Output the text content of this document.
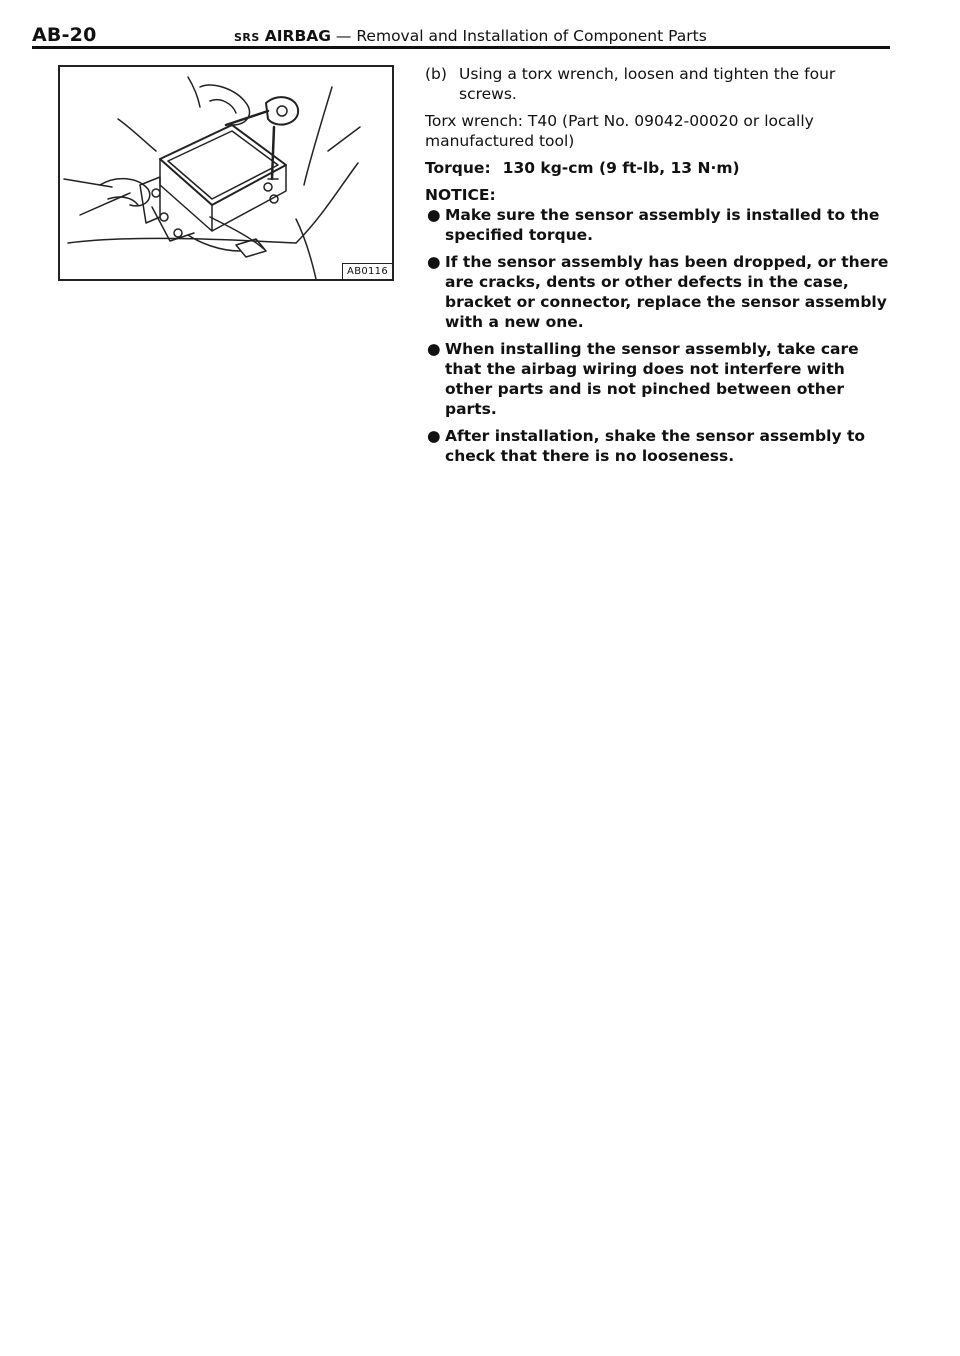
AB-20	SRS AIRBAG — Removal and Installation of Component Parts
AB0116
(b) Using a torx wrench, loosen and tighten the four screws.

Torx wrench: T40 (Part No. 09042-00020 or locally manufactured tool)

Torque: 130 kg-cm (9 ft-lb, 13 N·m)

NOTICE:

● Make sure the sensor assembly is installed to the specified torque.
● If the sensor assembly has been dropped, or there are cracks, dents or other defects in the case, bracket or connector, replace the sensor assembly with a new one.
● When installing the sensor assembly, take care that the airbag wiring does not interfere with other parts and is not pinched between other parts.
● After installation, shake the sensor assembly to check that there is no looseness.
